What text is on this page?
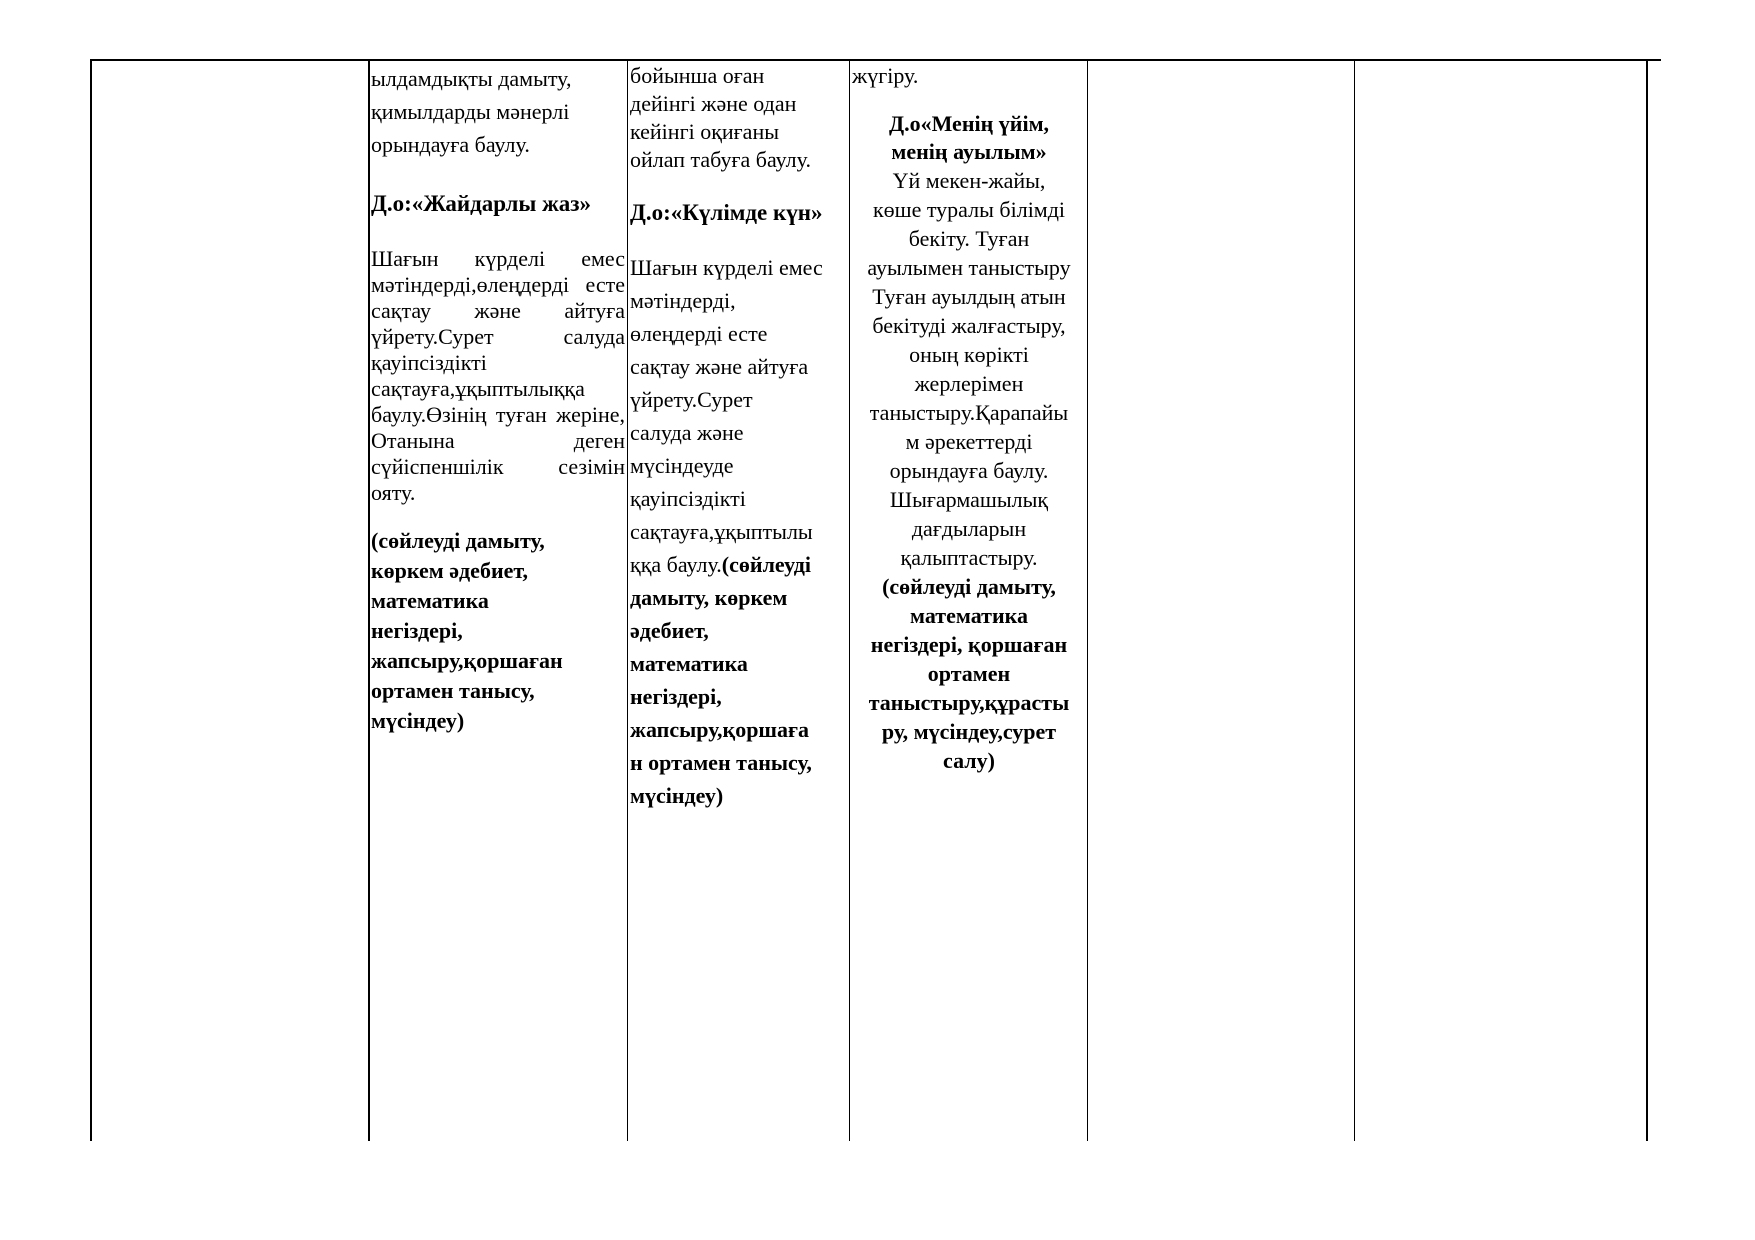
ылдамдықты дамыту,

қимылдарды мәнерлі

орындауға баулу.

Д.о:«Жайдарлы жаз»

Шағын күрделі емес мәтіндерді,өлеңдерді есте сақтау және айтуға үйрету.Сурет салуда қауіпсіздікті сақтауға,ұқыптылыққа баулу.Өзінің туған жеріне, Отанына деген сүйіспеншілік сезімін ояту.

(сөйлеуді дамыту,

көркем әдебиет,

математика

негіздері,

жапсыру,қоршаған

ортамен танысу,

мүсіндеу)

бойынша оған

дейінгі және одан

кейінгі оқиғаны

ойлап табуға баулу.

Д.о:«Күлімде күн»

Шағын күрделі емес

мәтіндерді,

өлеңдерді есте

сақтау және айтуға

үйрету.Сурет

салуда және

мүсіндеуде

қауіпсіздікті

сақтауға,ұқыптылы

ққа баулу.(сөйлеуді

дамыту, көркем

әдебиет,

математика

негіздері,

жапсыру,қоршаға

н ортамен танысу,

мүсіндеу)

жүгіру.

Д.о«Менің үйім,

менің ауылым»

Үй мекен-жайы,

көше туралы білімді

бекіту. Туған

ауылымен таныстыру

Туған ауылдың атын

бекітуді жалғастыру,

оның көрікті

жерлерімен

таныстыру.Қарапайы

м әрекеттерді

орындауға баулу.

Шығармашылық

дағдыларын

қалыптастыру.

(сөйлеуді дамыту,

математика

негіздері, қоршаған

ортамен

таныстыру,құрасты

ру, мүсіндеу,сурет

салу)
